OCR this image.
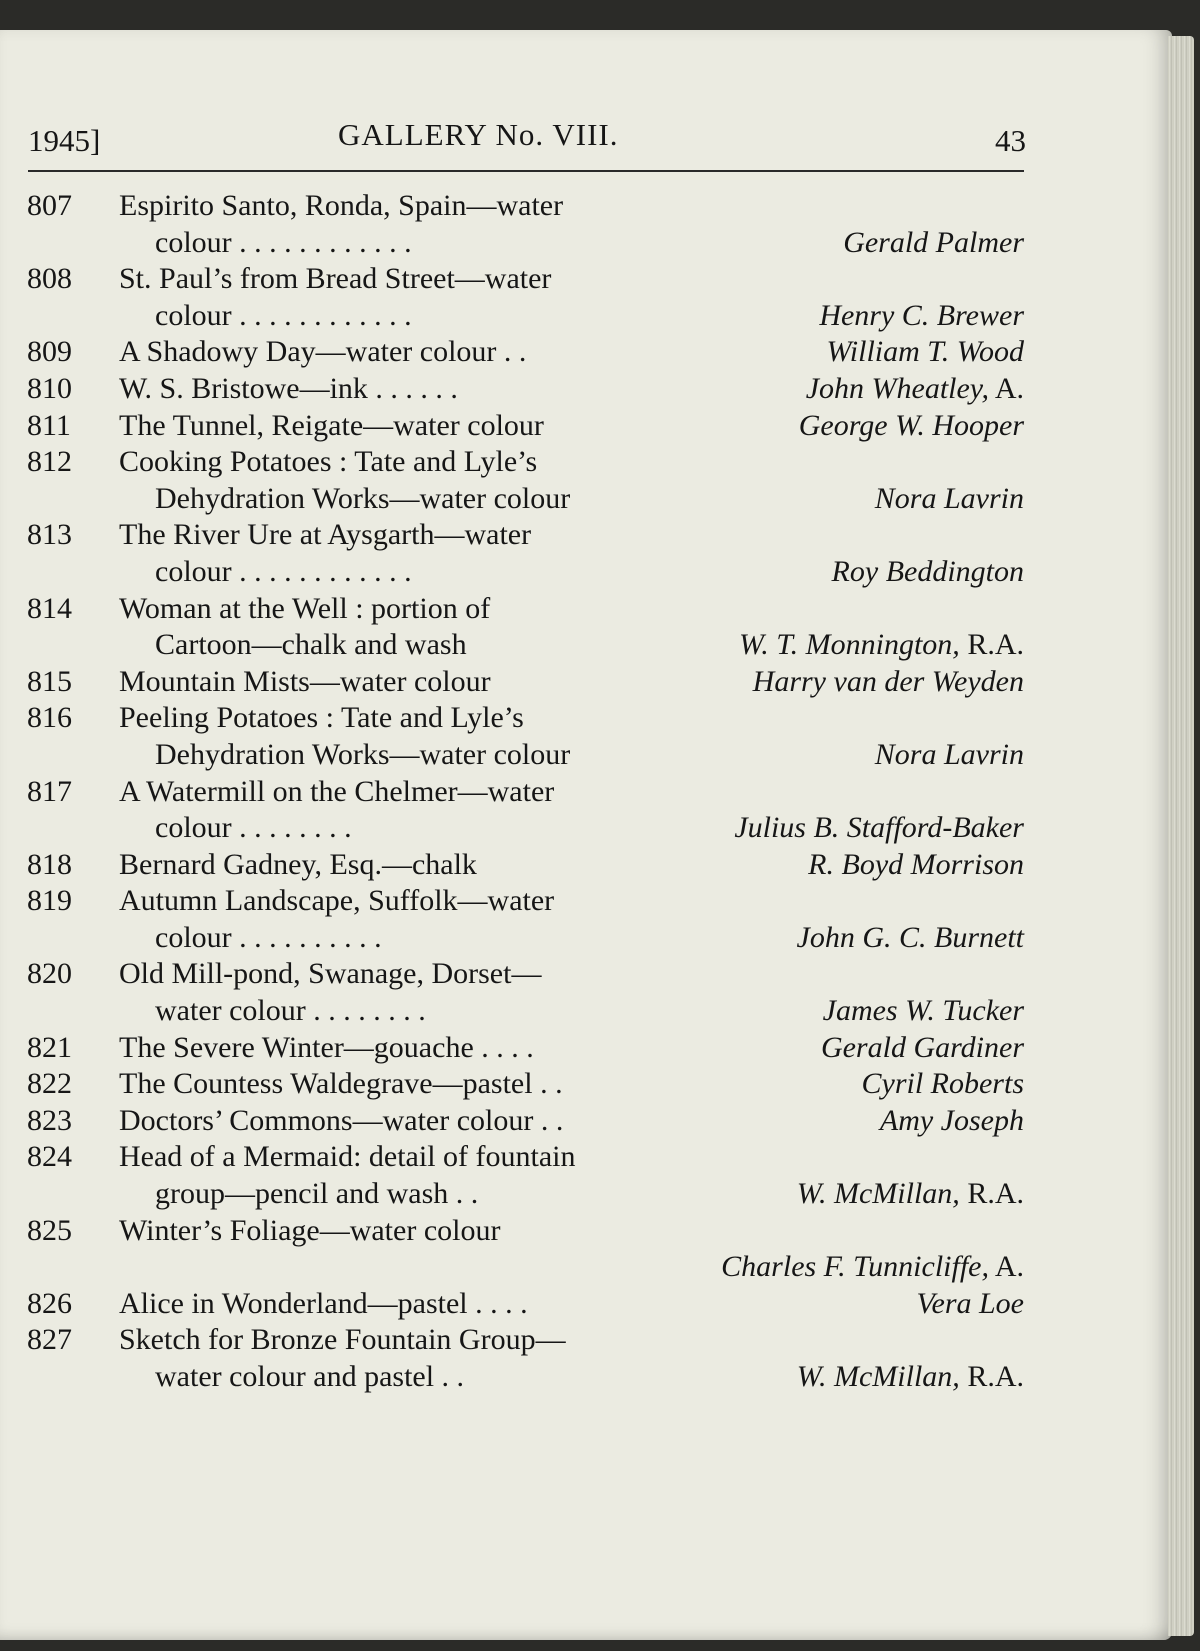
1945]	GALLERY No. VIII.	43
807 Espirito Santo, Ronda, Spain—water
colour . . . . . . . . . . . .	Gerald Palmer
808 St. Paul’s from Bread Street—water
colour . . . . . . . . . . . .	Henry C. Brewer
809 A Shadowy Day—water colour . .	William T. Wood
810 W. S. Bristowe—ink . . . . . .	John Wheatley, A.
811 The Tunnel, Reigate—water colour	George W. Hooper
812 Cooking Potatoes : Tate and Lyle’s
Dehydration Works—water colour	Nora Lavrin
813 The River Ure at Aysgarth—water
colour . . . . . . . . . . . .	Roy Beddington
814 Woman at the Well : portion of
Cartoon—chalk and wash	W. T. Monnington, R.A.
815 Mountain Mists—water colour	Harry van der Weyden
816 Peeling Potatoes : Tate and Lyle’s
Dehydration Works—water colour	Nora Lavrin
817 A Watermill on the Chelmer—water
colour . . . . . . . .	Julius B. Stafford-Baker
818 Bernard Gadney, Esq.—chalk	R. Boyd Morrison
819 Autumn Landscape, Suffolk—water
colour . . . . . . . . . .	John G. C. Burnett
820 Old Mill-pond, Swanage, Dorset—
water colour . . . . . . . .	James W. Tucker
821 The Severe Winter—gouache . . . .	Gerald Gardiner
822 The Countess Waldegrave—pastel . .	Cyril Roberts
823 Doctors’ Commons—water colour . .	Amy Joseph
824 Head of a Mermaid: detail of fountain
group—pencil and wash . .	W. McMillan, R.A.
825 Winter’s Foliage—water colour
Charles F. Tunnicliffe, A.
826 Alice in Wonderland—pastel . . . .	Vera Loe
827 Sketch for Bronze Fountain Group—
water colour and pastel . .	W. McMillan, R.A.
